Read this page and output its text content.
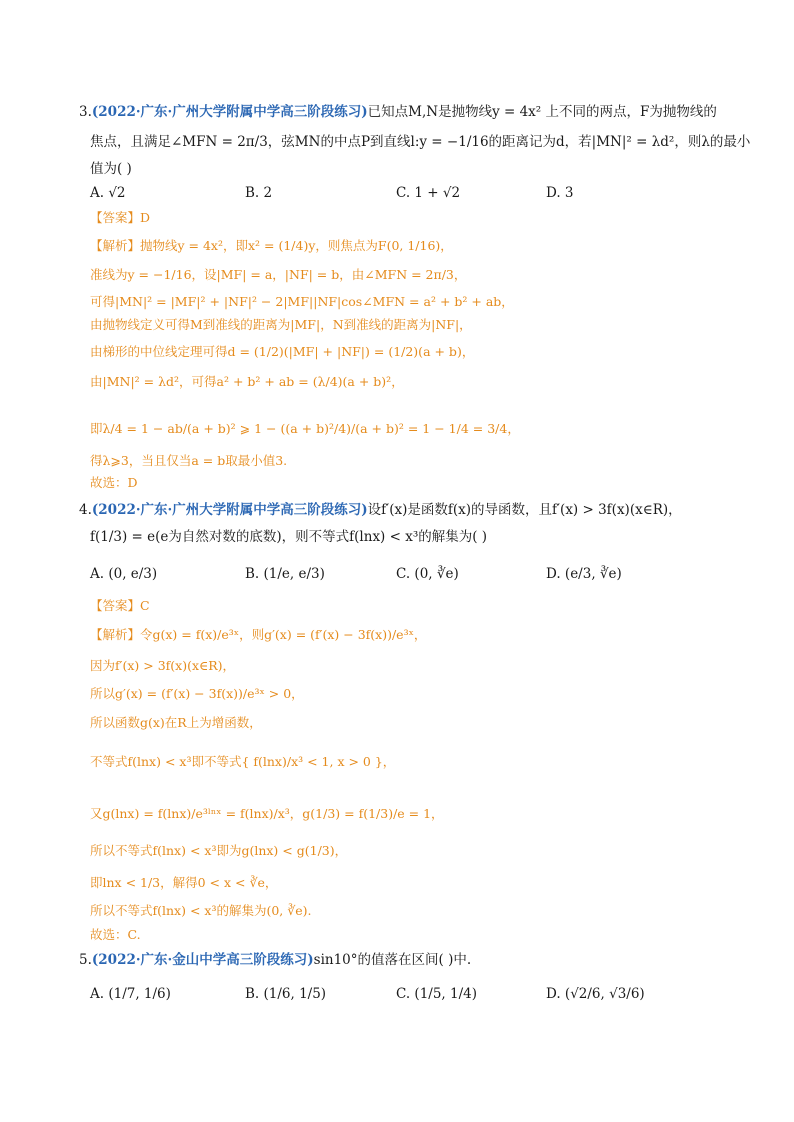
3.(2022·广东·广州大学附属中学高三阶段练习)已知点M,N是抛物线y = 4x² 上不同的两点，F为抛物线的
焦点，且满足∠MFN = 2π/3，弦MN的中点P到直线l:y = −1/16的距离记为d，若|MN|² = λd²，则λ的最小
值为( )
A. √2	B. 2	C. 1 + √2	D. 3
【答案】D
【解析】抛物线y = 4x²，即x² = (1/4)y，则焦点为F(0, 1/16)，
准线为y = −1/16，设|MF| = a，|NF| = b，由∠MFN = 2π/3，
可得|MN|² = |MF|² + |NF|² − 2|MF||NF|cos∠MFN = a² + b² + ab，
由抛物线定义可得M到准线的距离为|MF|，N到准线的距离为|NF|，
由梯形的中位线定理可得d = (1/2)(|MF| + |NF|) = (1/2)(a + b)，
由|MN|² = λd²，可得a² + b² + ab = (λ/4)(a + b)²，
即λ/4 = 1 − ab/(a + b)² ⩾ 1 − ((a + b)²/4)/(a + b)² = 1 − 1/4 = 3/4，
得λ⩾3，当且仅当a = b取最小值3.
故选：D
4.(2022·广东·广州大学附属中学高三阶段练习)设f′(x)是函数f(x)的导函数，且f′(x) > 3f(x)(x∈R)，
f(1/3) = e(e为自然对数的底数)，则不等式f(lnx) < x³的解集为( )
A. (0, e/3)	B. (1/e, e/3)	C. (0, ∛e)	D. (e/3, ∛e)
【答案】C
【解析】令g(x) = f(x)/e³ˣ，则g′(x) = (f′(x) − 3f(x))/e³ˣ，
因为f′(x) > 3f(x)(x∈R)，
所以g′(x) = (f′(x) − 3f(x))/e³ˣ > 0，
所以函数g(x)在R上为增函数，
不等式f(lnx) < x³即不等式{ f(lnx)/x³ < 1, x > 0 }，
又g(lnx) = f(lnx)/e³ˡⁿˣ = f(lnx)/x³，g(1/3) = f(1/3)/e = 1，
所以不等式f(lnx) < x³即为g(lnx) < g(1/3)，
即lnx < 1/3，解得0 < x < ∛e，
所以不等式f(lnx) < x³的解集为(0, ∛e).
故选：C.
5.(2022·广东·金山中学高三阶段练习)sin10°的值落在区间( )中.
A. (1/7, 1/6)	B. (1/6, 1/5)	C. (1/5, 1/4)	D. (√2/6, √3/6)
